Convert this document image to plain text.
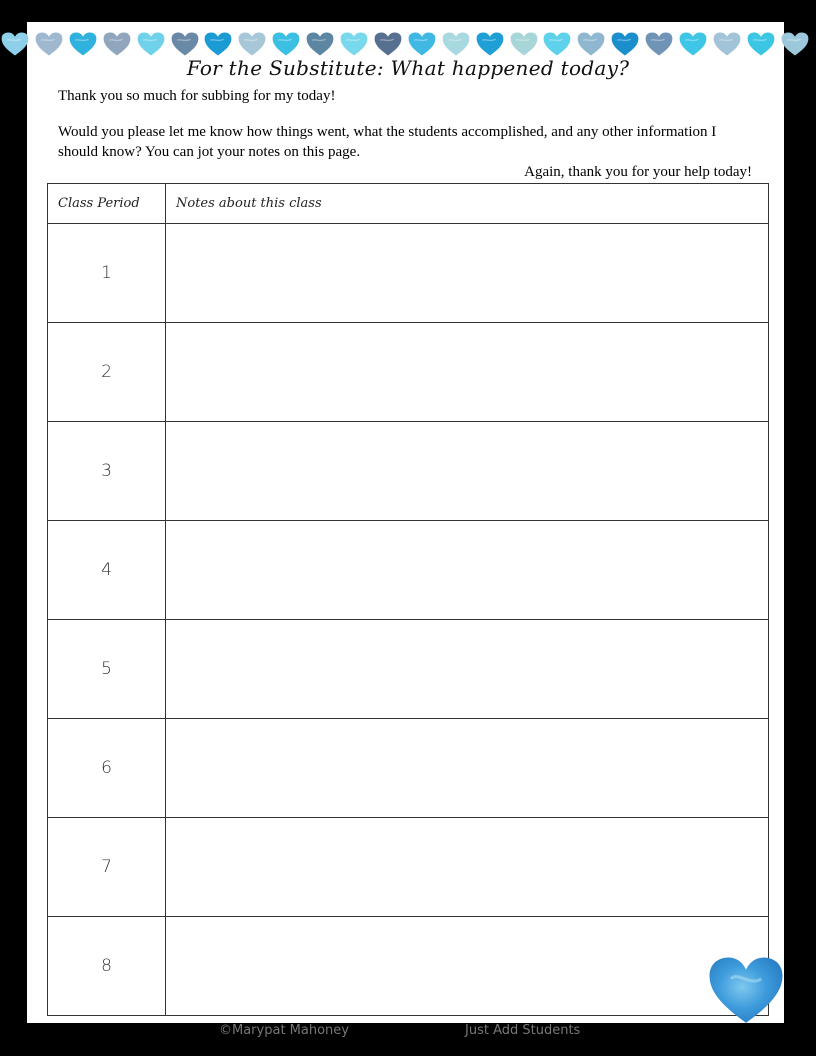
For the Substitute: What happened today?

Thank you so much for subbing for my today!

Would you please let me know how things went, what the students accomplished, and any other information I should know? You can jot your notes on this page.

Again, thank you for your help today!

Class Period	Notes about this class
1	
2	
3	
4	
5	
6	
7	
8	
©Marypat Mahoney	Just Add Students
